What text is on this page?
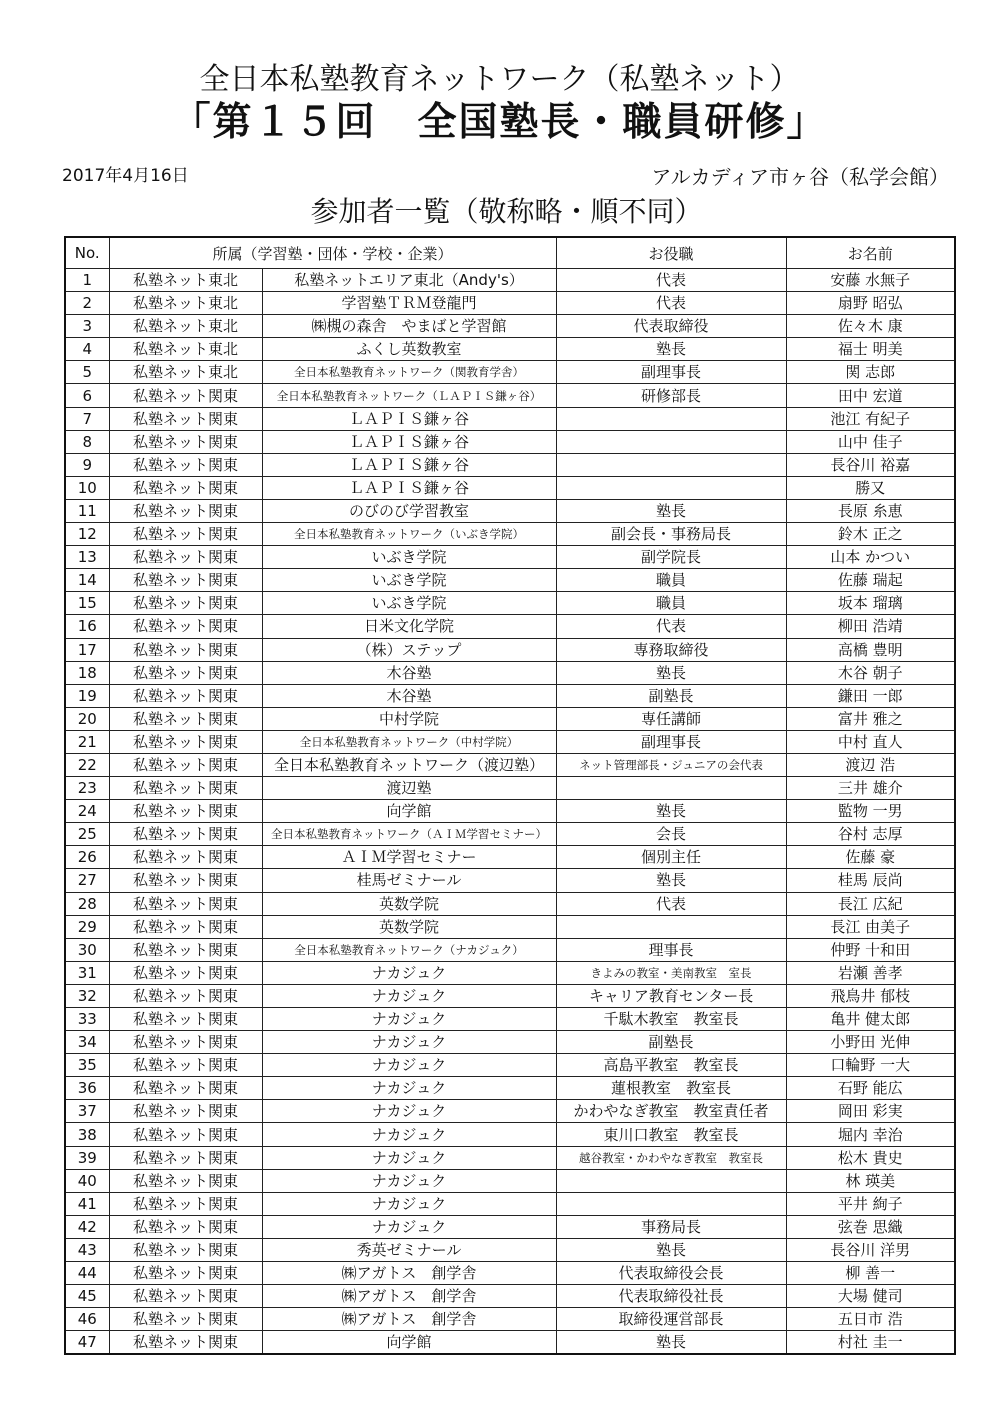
全日本私塾教育ネットワーク（私塾ネット）
「第１５回　全国塾長・職員研修」
2017年4月16日	アルカディア市ヶ谷（私学会館）
参加者一覧（敬称略・順不同）
No.	所属（学習塾・団体・学校・企業）		お役職	お名前
1	私塾ネット東北	私塾ネットエリア東北（Andy's）	代表	安藤 水無子
2	私塾ネット東北	学習塾ＴＲＭ登龍門	代表	扇野 昭弘
3	私塾ネット東北	㈱槻の森舎　やまばと学習館	代表取締役	佐々木 康
4	私塾ネット東北	ふくし英数教室	塾長	福士 明美
5	私塾ネット東北	全日本私塾教育ネットワーク（関教育学舎）	副理事長	関 志郎
6	私塾ネット関東	全日本私塾教育ネットワーク（ＬＡＰＩＳ鎌ヶ谷）	研修部長	田中 宏道
7	私塾ネット関東	ＬＡＰＩＳ鎌ヶ谷		池江 有紀子
8	私塾ネット関東	ＬＡＰＩＳ鎌ヶ谷		山中 佳子
9	私塾ネット関東	ＬＡＰＩＳ鎌ヶ谷		長谷川 裕嘉
10	私塾ネット関東	ＬＡＰＩＳ鎌ヶ谷		勝又
11	私塾ネット関東	のびのび学習教室	塾長	長原 糸恵
12	私塾ネット関東	全日本私塾教育ネットワーク（いぶき学院）	副会長・事務局長	鈴木 正之
13	私塾ネット関東	いぶき学院	副学院長	山本 かつい
14	私塾ネット関東	いぶき学院	職員	佐藤 瑞起
15	私塾ネット関東	いぶき学院	職員	坂本 瑠璃
16	私塾ネット関東	日米文化学院	代表	柳田 浩靖
17	私塾ネット関東	（株）ステップ	専務取締役	高橋 豊明
18	私塾ネット関東	木谷塾	塾長	木谷 朝子
19	私塾ネット関東	木谷塾	副塾長	鎌田 一郎
20	私塾ネット関東	中村学院	専任講師	富井 雅之
21	私塾ネット関東	全日本私塾教育ネットワーク（中村学院）	副理事長	中村 直人
22	私塾ネット関東	全日本私塾教育ネットワーク（渡辺塾）	ネット管理部長・ジュニアの会代表	渡辺 浩
23	私塾ネット関東	渡辺塾		三井 雄介
24	私塾ネット関東	向学館	塾長	監物 一男
25	私塾ネット関東	全日本私塾教育ネットワーク（ＡＩＭ学習セミナー）	会長	谷村 志厚
26	私塾ネット関東	ＡＩＭ学習セミナー	個別主任	佐藤 豪
27	私塾ネット関東	桂馬ゼミナール	塾長	桂馬 辰尚
28	私塾ネット関東	英数学院	代表	長江 広紀
29	私塾ネット関東	英数学院		長江 由美子
30	私塾ネット関東	全日本私塾教育ネットワーク（ナカジュク）	理事長	仲野 十和田
31	私塾ネット関東	ナカジュク	きよみの教室・美南教室　室長	岩瀬 善孝
32	私塾ネット関東	ナカジュク	キャリア教育センター長	飛鳥井 郁枝
33	私塾ネット関東	ナカジュク	千駄木教室　教室長	亀井 健太郎
34	私塾ネット関東	ナカジュク	副塾長	小野田 光伸
35	私塾ネット関東	ナカジュク	高島平教室　教室長	口輪野 一大
36	私塾ネット関東	ナカジュク	蓮根教室　教室長	石野 能広
37	私塾ネット関東	ナカジュク	かわやなぎ教室　教室責任者	岡田 彩実
38	私塾ネット関東	ナカジュク	東川口教室　教室長	堀内 幸治
39	私塾ネット関東	ナカジュク	越谷教室・かわやなぎ教室　教室長	松木 貴史
40	私塾ネット関東	ナカジュク		林 瑛美
41	私塾ネット関東	ナカジュク		平井 絢子
42	私塾ネット関東	ナカジュク	事務局長	弦巻 思織
43	私塾ネット関東	秀英ゼミナール	塾長	長谷川 洋男
44	私塾ネット関東	㈱アガトス　創学舎	代表取締役会長	柳 善一
45	私塾ネット関東	㈱アガトス　創学舎	代表取締役社長	大場 健司
46	私塾ネット関東	㈱アガトス　創学舎	取締役運営部長	五日市 浩
47	私塾ネット関東	向学館	塾長	村社 圭一
